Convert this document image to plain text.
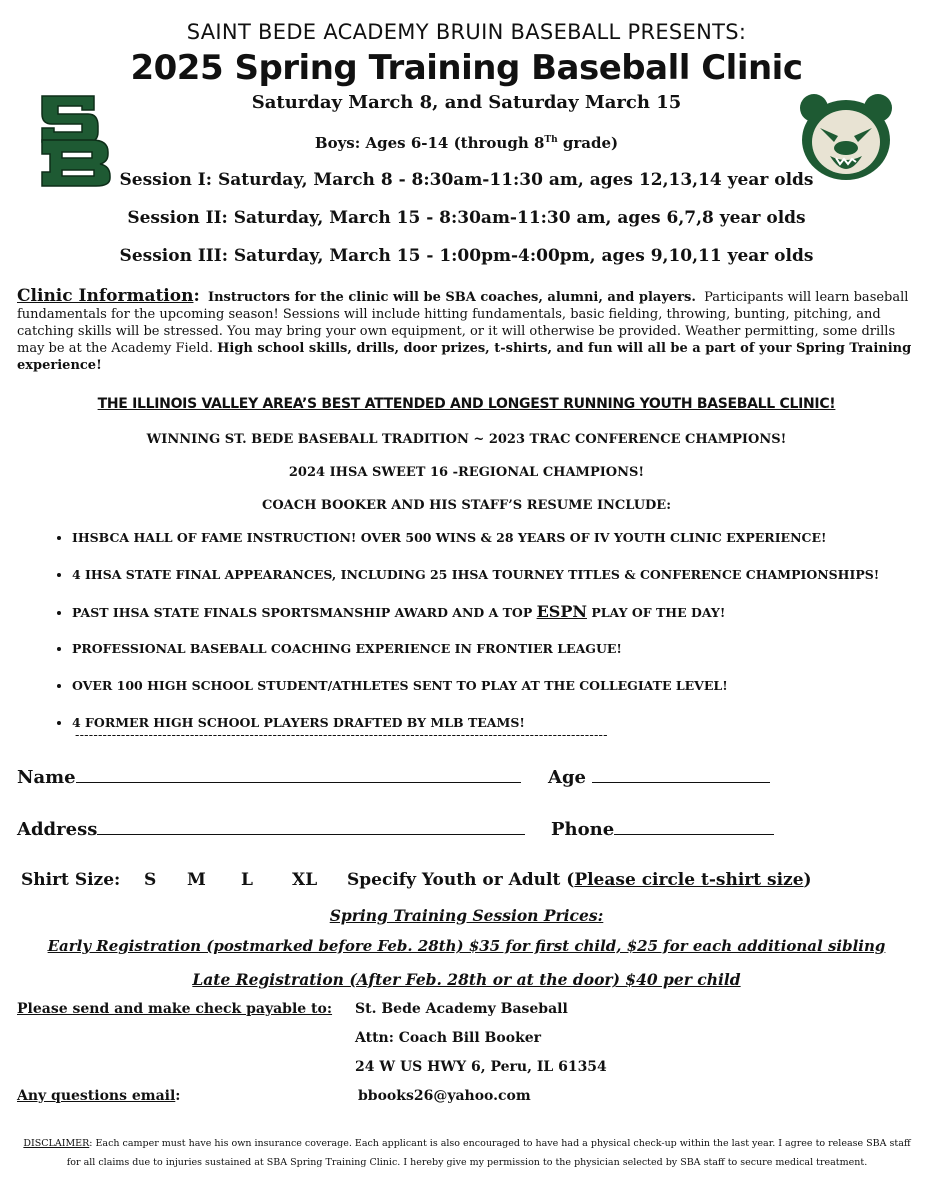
SAINT BEDE ACADEMY BRUIN BASEBALL PRESENTS:
2025 Spring Training Baseball Clinic
Saturday March 8, and Saturday March 15
Boys: Ages 6-14 (through 8Th grade)
Session I: Saturday, March 8 - 8:30am-11:30 am, ages 12,13,14 year olds
Session II: Saturday, March 15 - 8:30am-11:30 am, ages 6,7,8 year olds
Session III: Saturday, March 15 - 1:00pm-4:00pm, ages 9,10,11 year olds
Clinic Information: Instructors for the clinic will be SBA coaches, alumni, and players. Participants will learn baseball fundamentals for the upcoming season! Sessions will include hitting fundamentals, basic fielding, throwing, bunting, pitching, and catching skills will be stressed. You may bring your own equipment, or it will otherwise be provided. Weather permitting, some drills may be at the Academy Field. High school skills, drills, door prizes, t-shirts, and fun will all be a part of your Spring Training experience!
THE ILLINOIS VALLEY AREA’S BEST ATTENDED AND LONGEST RUNNING YOUTH BASEBALL CLINIC!
WINNING ST. BEDE BASEBALL TRADITION ~ 2023 TRAC CONFERENCE CHAMPIONS!
2024 IHSA SWEET 16 -REGIONAL CHAMPIONS!
COACH BOOKER AND HIS STAFF’S RESUME INCLUDE:
• IHSBCA HALL OF FAME INSTRUCTION! OVER 500 WINS & 28 YEARS OF IV YOUTH CLINIC EXPERIENCE!
• 4 IHSA STATE FINAL APPEARANCES, INCLUDING 25 IHSA TOURNEY TITLES & CONFERENCE CHAMPIONSHIPS!
• PAST IHSA STATE FINALS SPORTSMANSHIP AWARD AND A TOP ESPN PLAY OF THE DAY!
• PROFESSIONAL BASEBALL COACHING EXPERIENCE IN FRONTIER LEAGUE!
• OVER 100 HIGH SCHOOL STUDENT/ATHLETES SENT TO PLAY AT THE COLLEGIATE LEVEL!
• 4 FORMER HIGH SCHOOL PLAYERS DRAFTED BY MLB TEAMS!
--------------------------------------------------------------------------------------------------------------------
Name	Age
Address	Phone
Shirt Size: S M L XL Specify Youth or Adult (Please circle t-shirt size)
Spring Training Session Prices:
Early Registration (postmarked before Feb. 28th) $35 for first child, $25 for each additional sibling
Late Registration (After Feb. 28th or at the door) $40 per child
Please send and make check payable to: St. Bede Academy Baseball
Attn: Coach Bill Booker
24 W US HWY 6, Peru, IL 61354
Any questions email:	bbooks26@yahoo.com
DISCLAIMER: Each camper must have his own insurance coverage. Each applicant is also encouraged to have had a physical check-up within the last year. I agree to release SBA staff for all claims due to injuries sustained at SBA Spring Training Clinic. I hereby give my permission to the physician selected by SBA staff to secure medical treatment.
